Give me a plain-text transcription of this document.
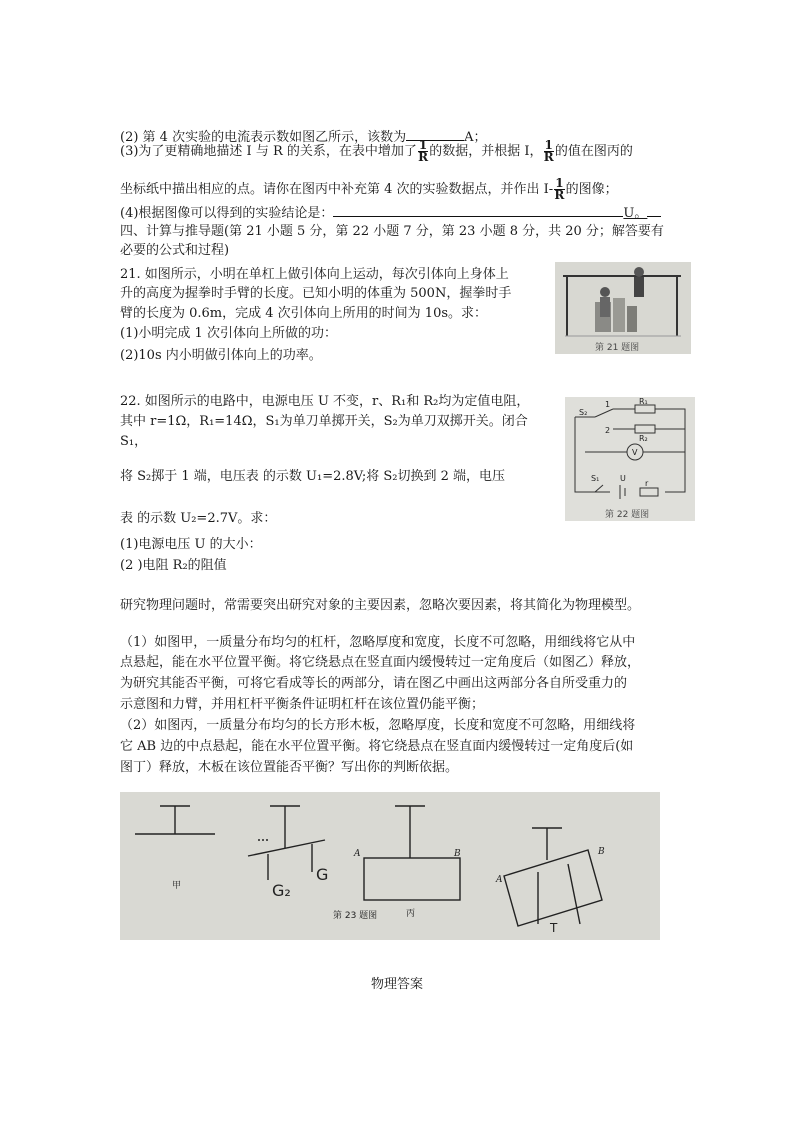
(2) 第 4 次实验的电流表示数如图乙所示，该数为	A；
(3)为了更精确地描述 I 与 R 的关系，在表中增加了 $\frac{1}{R}$ 的数据，并根据 I， $\frac{1}{R}$ 的值在图丙的
坐标纸中描出相应的点。请你在图丙中补充第 4 次的实验数据点，并作出 $I- \frac{1}{R}$ 的图像；
(4)根据图像可以得到的实验结论是：	U。
四、计算与推导题(第 21 小题 5 分，第 22 小题 7 分，第 23 小题 8 分，共 20 分；解答要有
必要的公式和过程)
21. 如图所示，小明在单杠上做引体向上运动，每次引体向上身体上
升的高度为握拳时手臂的长度。已知小明的体重为 500N，握拳时手
臂的长度为 0.6m，完成 4 次引体向上所用的时间为 10s。求：
(1)小明完成 1 次引体向上所做的功：
(2)10s 内小明做引体向上的功率。	第 21 题图
22. 如图所示的电路中，电源电压 U 不变，r、R₁和 R₂均为定值电阻，
其中 r=1Ω，R₁=14Ω，S₁为单刀单掷开关，S₂为单刀双掷开关。闭合
S₁，
将 S₂掷于 1 端，电压表 的示数 U₁=2.8V;将 S₂切换到 2 端，电压
表 的示数 U₂=2.7V。求：
(1)电源电压 U 的大小：
(2 )电阻 R₂的阻值
S₂
1
2
R₁
R₂
V
S₁	U
r
第 22 题图
研究物理问题时，常需要突出研究对象的主要因素，忽略次要因素，将其简化为物理模型。
（1）如图甲，一质量分布均匀的杠杆，忽略厚度和宽度，长度不可忽略，用细线将它从中
点悬起，能在水平位置平衡。将它绕悬点在竖直面内缓慢转过一定角度后（如图乙）释放，
为研究其能否平衡，可将它看成等长的两部分，请在图乙中画出这两部分各自所受重力的
示意图和力臂，并用杠杆平衡条件证明杠杆在该位置仍能平衡；
（2）如图丙，一质量分布均匀的长方形木板，忽略厚度，长度和宽度不可忽略，用细线将
它 AB 边的中点悬起，能在水平位置平衡。将它绕悬点在竖直面内缓慢转过一定角度后(如
图丁）释放，木板在该位置能否平衡？写出你的判断依据。
甲
丙
A	B
A
B
G
G₂
T
第 23 题图
物理答案
